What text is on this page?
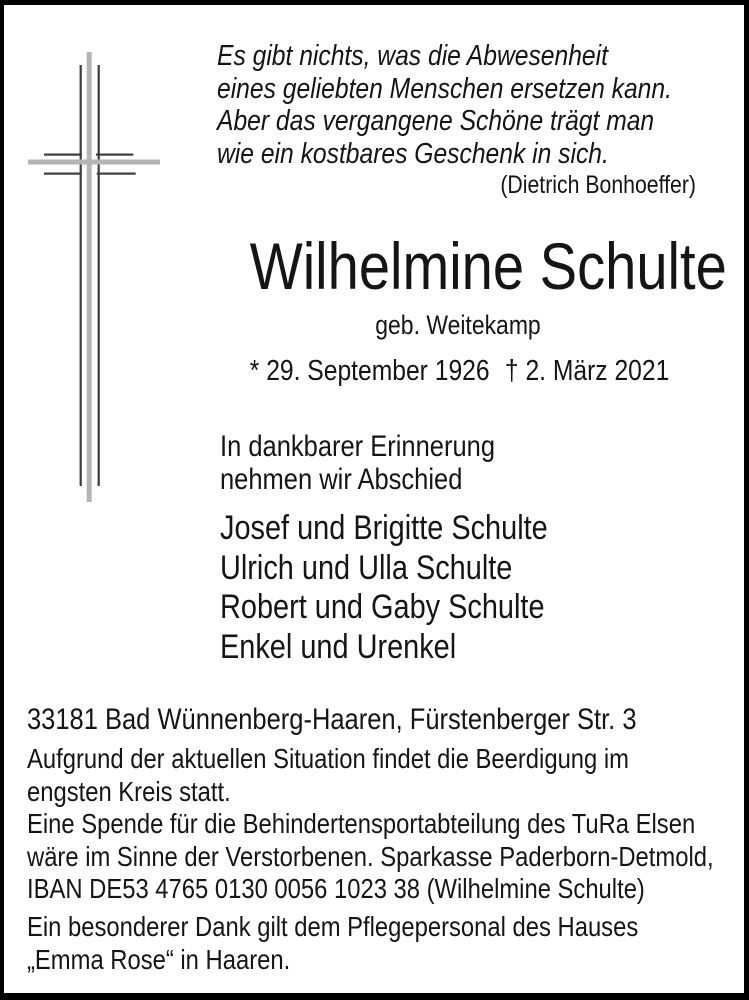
Es gibt nichts, was die Abwesenheit
eines geliebten Menschen ersetzen kann.
Aber das vergangene Schöne trägt man
wie ein kostbares Geschenk in sich.
(Dietrich Bonhoeffer)
Wilhelmine Schulte
geb. Weitekamp
* 29. September 1926 † 2. März 2021
In dankbarer Erinnerung
nehmen wir Abschied
Josef und Brigitte Schulte
Ulrich und Ulla Schulte
Robert und Gaby Schulte
Enkel und Urenkel
33181 Bad Wünnenberg-Haaren, Fürstenberger Str. 3
Aufgrund der aktuellen Situation findet die Beerdigung im
engsten Kreis statt.
Eine Spende für die Behindertensportabteilung des TuRa Elsen
wäre im Sinne der Verstorbenen. Sparkasse Paderborn-Detmold,
IBAN DE53 4765 0130 0056 1023 38 (Wilhelmine Schulte)
Ein besonderer Dank gilt dem Pflegepersonal des Hauses
„Emma Rose“ in Haaren.
